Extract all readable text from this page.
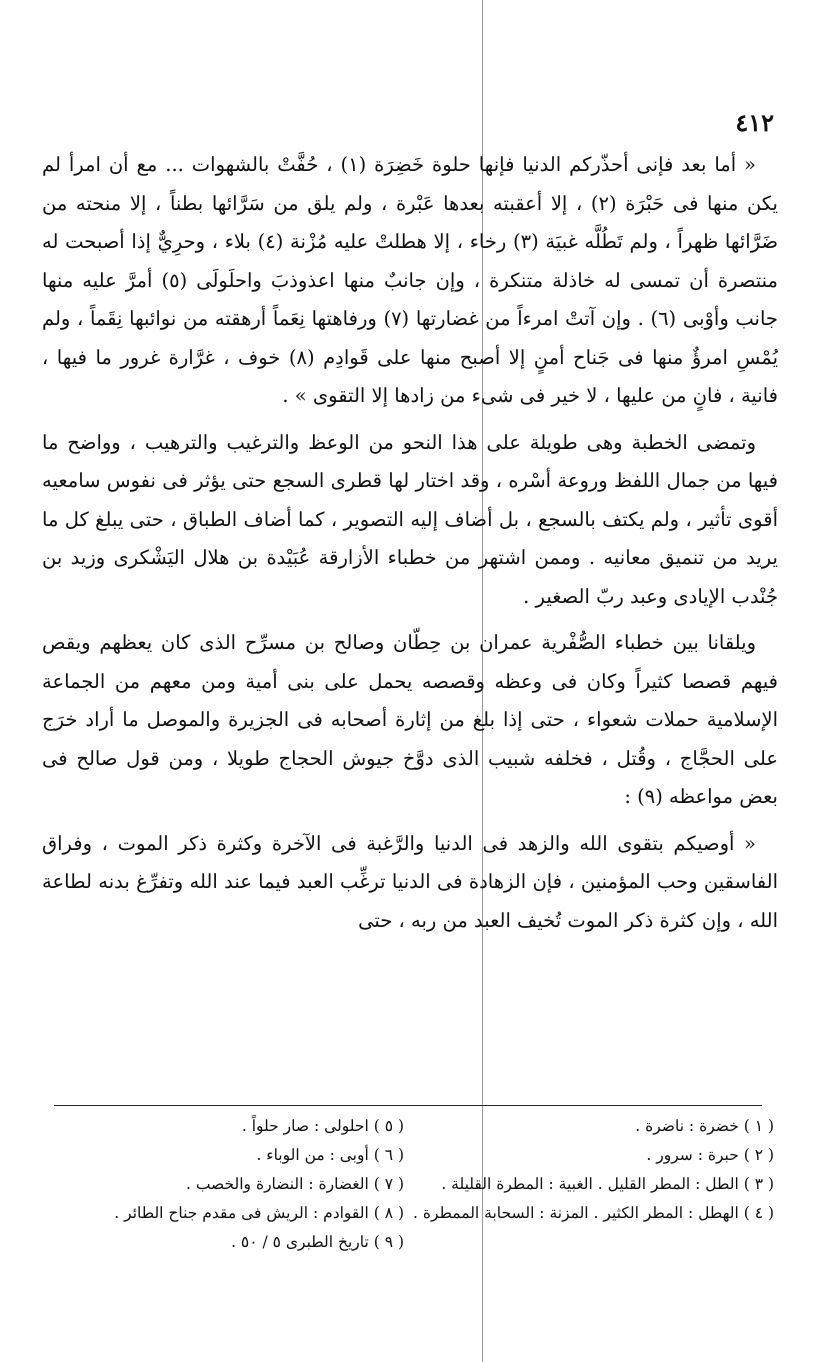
٤١٢

« أما بعد فإنى أحذّركم الدنيا فإنها حلوة خَضِرَة (١) ، حُفَّتْ بالشهوات ... مع أن امرأ لم يكن منها فى حَبْرَة (٢) ، إلا أعقبته بعدها عَبْرة ، ولم يلق من سَرَّائها بطناً ، إلا منحته من ضَرَّائها ظهراً ، ولم تَطُلَّه غبيَة (٣) رخاء ، إلا هطلتْ عليه مُزْنة (٤) بلاء ، وحرِيٌّ إذا أصبحت له منتصرة أن تمسى له خاذلة متنكرة ، وإن جانبٌ منها اعذوذبَ واحلَولَى (٥) أمرَّ عليه منها جانب وأوْبى (٦) . وإن آتتْ امرءاً من غضارتها (٧) ورفاهتها نِعَماً أرهقته من نوائبها نِقَماً ، ولم يُمْسِ امرؤٌ منها فى جَناح أمنٍ إلا أصبح منها على قَوادِم (٨) خوف ، غرَّارة غرور ما فيها ، فانية ، فانٍ من عليها ، لا خير فى شىء من زادها إلا التقوى » .

وتمضى الخطبة وهى طويلة على هذا النحو من الوعظ والترغيب والترهيب ، وواضح ما فيها من جمال اللفظ وروعة أسْره ، وقد اختار لها قطرى السجع حتى يؤثر فى نفوس سامعيه أقوى تأثير ، ولم يكتف بالسجع ، بل أضاف إليه التصوير ، كما أضاف الطباق ، حتى يبلغ كل ما يريد من تنميق معانيه . وممن اشتهر من خطباء الأزارقة عُبَيْدة بن هلال اليَشْكرى وزيد بن جُنْدب الإيادى وعبد ربّ الصغير .

ويلقانا بين خطباء الصُّفْرية عمران بن حِطّان وصالح بن مسرِّح الذى كان يعظهم ويقص فيهم قصصا كثيراً وكان فى وعظه وقصصه يحمل على بنى أمية ومن معهم من الجماعة الإسلامية حملات شعواء ، حتى إذا بلغ من إثارة أصحابه فى الجزيرة والموصل ما أراد خرَج على الحجَّاج ، وقُتل ، فخلفه شبيب الذى دوَّخ جيوش الحجاج طويلا ، ومن قول صالح فى بعض مواعظه (٩) :

« أوصيكم بتقوى الله والزهد فى الدنيا والرَّغبة فى الآخرة وكثرة ذكر الموت ، وفراق الفاسقين وحب المؤمنين ، فإن الزهادة فى الدنيا ترغِّب العبد فيما عند الله وتفرِّغ بدنه لطاعة الله ، وإن كثرة ذكر الموت تُخيف العبد من ربه ، حتى

( ١ ) خضرة : ناضرة .

( ٢ ) حبرة : سرور .

( ٣ ) الطل : المطر القليل . الغبية : المطرة القليلة .

( ٤ ) الهطل : المطر الكثير . المزنة : السحابة الممطرة .

( ٥ ) احلولى : صار حلواً .

( ٦ ) أوبى : من الوباء .

( ٧ ) الغضارة : النضارة والخصب .

( ٨ ) القوادم : الريش فى مقدم جناح الطائر .

( ٩ ) تاريخ الطبرى ٥ / ٥٠ .
